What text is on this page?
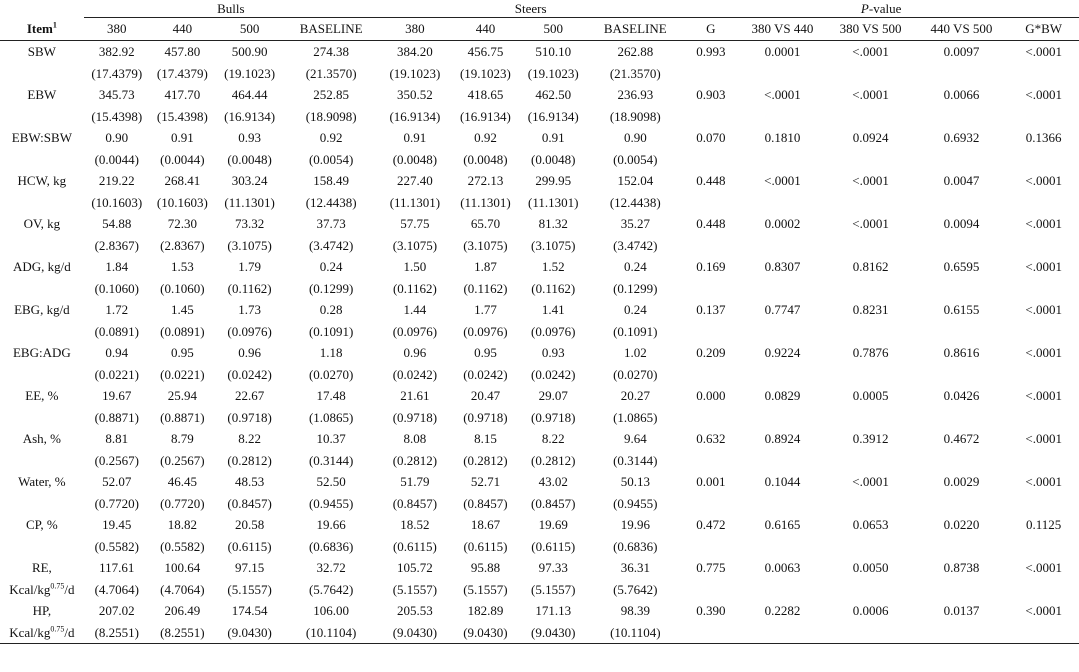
	Bulls				Steers				P-value				
Item$^1$	380	440	500	BASELINE	380	440	500	BASELINE	G	380 VS 440	380 VS 500	440 VS 500	G*BW
SBW	382.92	457.80	500.90	274.38	384.20	456.75	510.10	262.88	0.993	0.0001	<.0001	0.0097	<.0001
	(17.4379)	(17.4379)	(19.1023)	(21.3570)	(19.1023)	(19.1023)	(19.1023)	(21.3570)					
EBW	345.73	417.70	464.44	252.85	350.52	418.65	462.50	236.93	0.903	<.0001	<.0001	0.0066	<.0001
	(15.4398)	(15.4398)	(16.9134)	(18.9098)	(16.9134)	(16.9134)	(16.9134)	(18.9098)					
EBW:SBW	0.90	0.91	0.93	0.92	0.91	0.92	0.91	0.90	0.070	0.1810	0.0924	0.6932	0.1366
	(0.0044)	(0.0044)	(0.0048)	(0.0054)	(0.0048)	(0.0048)	(0.0048)	(0.0054)					
HCW, kg	219.22	268.41	303.24	158.49	227.40	272.13	299.95	152.04	0.448	<.0001	<.0001	0.0047	<.0001
	(10.1603)	(10.1603)	(11.1301)	(12.4438)	(11.1301)	(11.1301)	(11.1301)	(12.4438)					
OV, kg	54.88	72.30	73.32	37.73	57.75	65.70	81.32	35.27	0.448	0.0002	<.0001	0.0094	<.0001
	(2.8367)	(2.8367)	(3.1075)	(3.4742)	(3.1075)	(3.1075)	(3.1075)	(3.4742)					
ADG, kg/d	1.84	1.53	1.79	0.24	1.50	1.87	1.52	0.24	0.169	0.8307	0.8162	0.6595	<.0001
	(0.1060)	(0.1060)	(0.1162)	(0.1299)	(0.1162)	(0.1162)	(0.1162)	(0.1299)					
EBG, kg/d	1.72	1.45	1.73	0.28	1.44	1.77	1.41	0.24	0.137	0.7747	0.8231	0.6155	<.0001
	(0.0891)	(0.0891)	(0.0976)	(0.1091)	(0.0976)	(0.0976)	(0.0976)	(0.1091)					
EBG:ADG	0.94	0.95	0.96	1.18	0.96	0.95	0.93	1.02	0.209	0.9224	0.7876	0.8616	<.0001
	(0.0221)	(0.0221)	(0.0242)	(0.0270)	(0.0242)	(0.0242)	(0.0242)	(0.0270)					
EE, %	19.67	25.94	22.67	17.48	21.61	20.47	29.07	20.27	0.000	0.0829	0.0005	0.0426	<.0001
	(0.8871)	(0.8871)	(0.9718)	(1.0865)	(0.9718)	(0.9718)	(0.9718)	(1.0865)					
Ash, %	8.81	8.79	8.22	10.37	8.08	8.15	8.22	9.64	0.632	0.8924	0.3912	0.4672	<.0001
	(0.2567)	(0.2567)	(0.2812)	(0.3144)	(0.2812)	(0.2812)	(0.2812)	(0.3144)					
Water, %	52.07	46.45	48.53	52.50	51.79	52.71	43.02	50.13	0.001	0.1044	<.0001	0.0029	<.0001
	(0.7720)	(0.7720)	(0.8457)	(0.9455)	(0.8457)	(0.8457)	(0.8457)	(0.9455)					
CP, %	19.45	18.82	20.58	19.66	18.52	18.67	19.69	19.96	0.472	0.6165	0.0653	0.0220	0.1125
	(0.5582)	(0.5582)	(0.6115)	(0.6836)	(0.6115)	(0.6115)	(0.6115)	(0.6836)					
RE,	117.61	100.64	97.15	32.72	105.72	95.88	97.33	36.31	0.775	0.0063	0.0050	0.8738	<.0001
Kcal/$kg^{0.75}/d$	(4.7064)	(4.7064)	(5.1557)	(5.7642)	(5.1557)	(5.1557)	(5.1557)	(5.7642)					
HP,	207.02	206.49	174.54	106.00	205.53	182.89	171.13	98.39	0.390	0.2282	0.0006	0.0137	<.0001
Kcal/$kg^{0.75}/d$	(8.2551)	(8.2551)	(9.0430)	(10.1104)	(9.0430)	(9.0430)	(9.0430)	(10.1104)					
